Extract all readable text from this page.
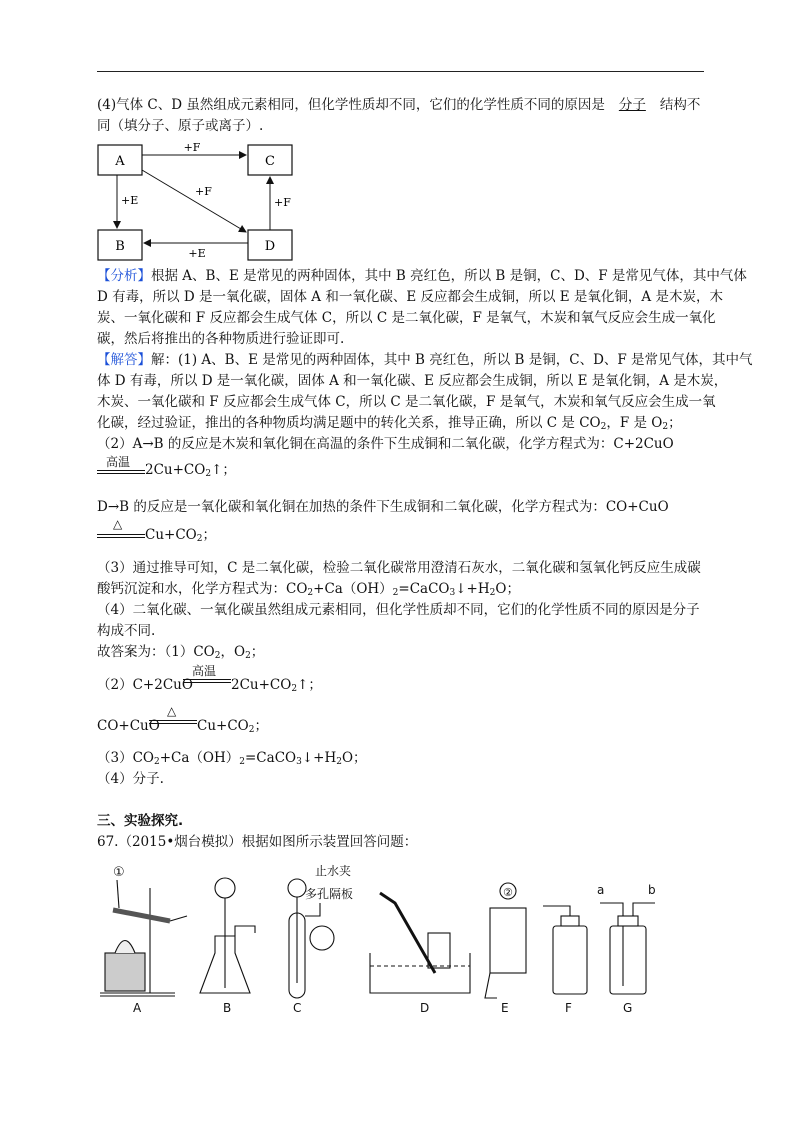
(4)气体 C、D 虽然组成元素相同，但化学性质却不同，它们的化学性质不同的原因是 分子 结构不
同（填分子、原子或离子）.
A	C
B	D
+F
+E
+F
+E
+F
【分析】根据 A、B、E 是常见的两种固体，其中 B 亮红色，所以 B 是铜，C、D、F 是常见气体，其中气体
D 有毒，所以 D 是一氧化碳，固体 A 和一氧化碳、E 反应都会生成铜，所以 E 是氧化铜，A 是木炭，木
炭、一氧化碳和 F 反应都会生成气体 C，所以 C 是二氧化碳，F 是氧气，木炭和氧气反应会生成一氧化
碳，然后将推出的各种物质进行验证即可.
【解答】解：(1) A、B、E 是常见的两种固体，其中 B 亮红色，所以 B 是铜，C、D、F 是常见气体，其中气
体 D 有毒，所以 D 是一氧化碳，固体 A 和一氧化碳、E 反应都会生成铜，所以 E 是氧化铜，A 是木炭，
木炭、一氧化碳和 F 反应都会生成气体 C，所以 C 是二氧化碳，F 是氧气，木炭和氧气反应会生成一氧
化碳，经过验证，推出的各种物质均满足题中的转化关系，推导正确，所以 C 是 $CO_2$，F 是 $O_2$；
（2）A→B 的反应是木炭和氧化铜在高温的条件下生成铜和二氧化碳，化学方程式为：C+2CuO
高温 $2Cu+CO_2↑$；
D→B 的反应是一氧化碳和氧化铜在加热的条件下生成铜和二氧化碳，化学方程式为：CO+CuO
△
$Cu+CO_2$；
（3）通过推导可知，C 是二氧化碳，检验二氧化碳常用澄清石灰水，二氧化碳和氢氧化钙反应生成碳
酸钙沉淀和水，化学方程式为：$CO_2+Ca(OH)_2=CaCO_3↓+H_2O$；
（4）二氧化碳、一氧化碳虽然组成元素相同，但化学性质却不同，它们的化学性质不同的原因是分子
构成不同.
故答案为：$(1)CO_2$，$O_2$；
（2）C+2CuO
高温
$2Cu+CO_2↑$；
CO+CuO
△
$Cu+CO_2$；
$(3)CO_2+Ca(OH)_2=CaCO_3↓+H_2O$；
（4）分子.
三、实验探究.
67.（2015•烟台模拟）根据如图所示装置回答问题：
①	止水夹
多孔隔板	②	a	b
A	B	C	D	E	F	G
